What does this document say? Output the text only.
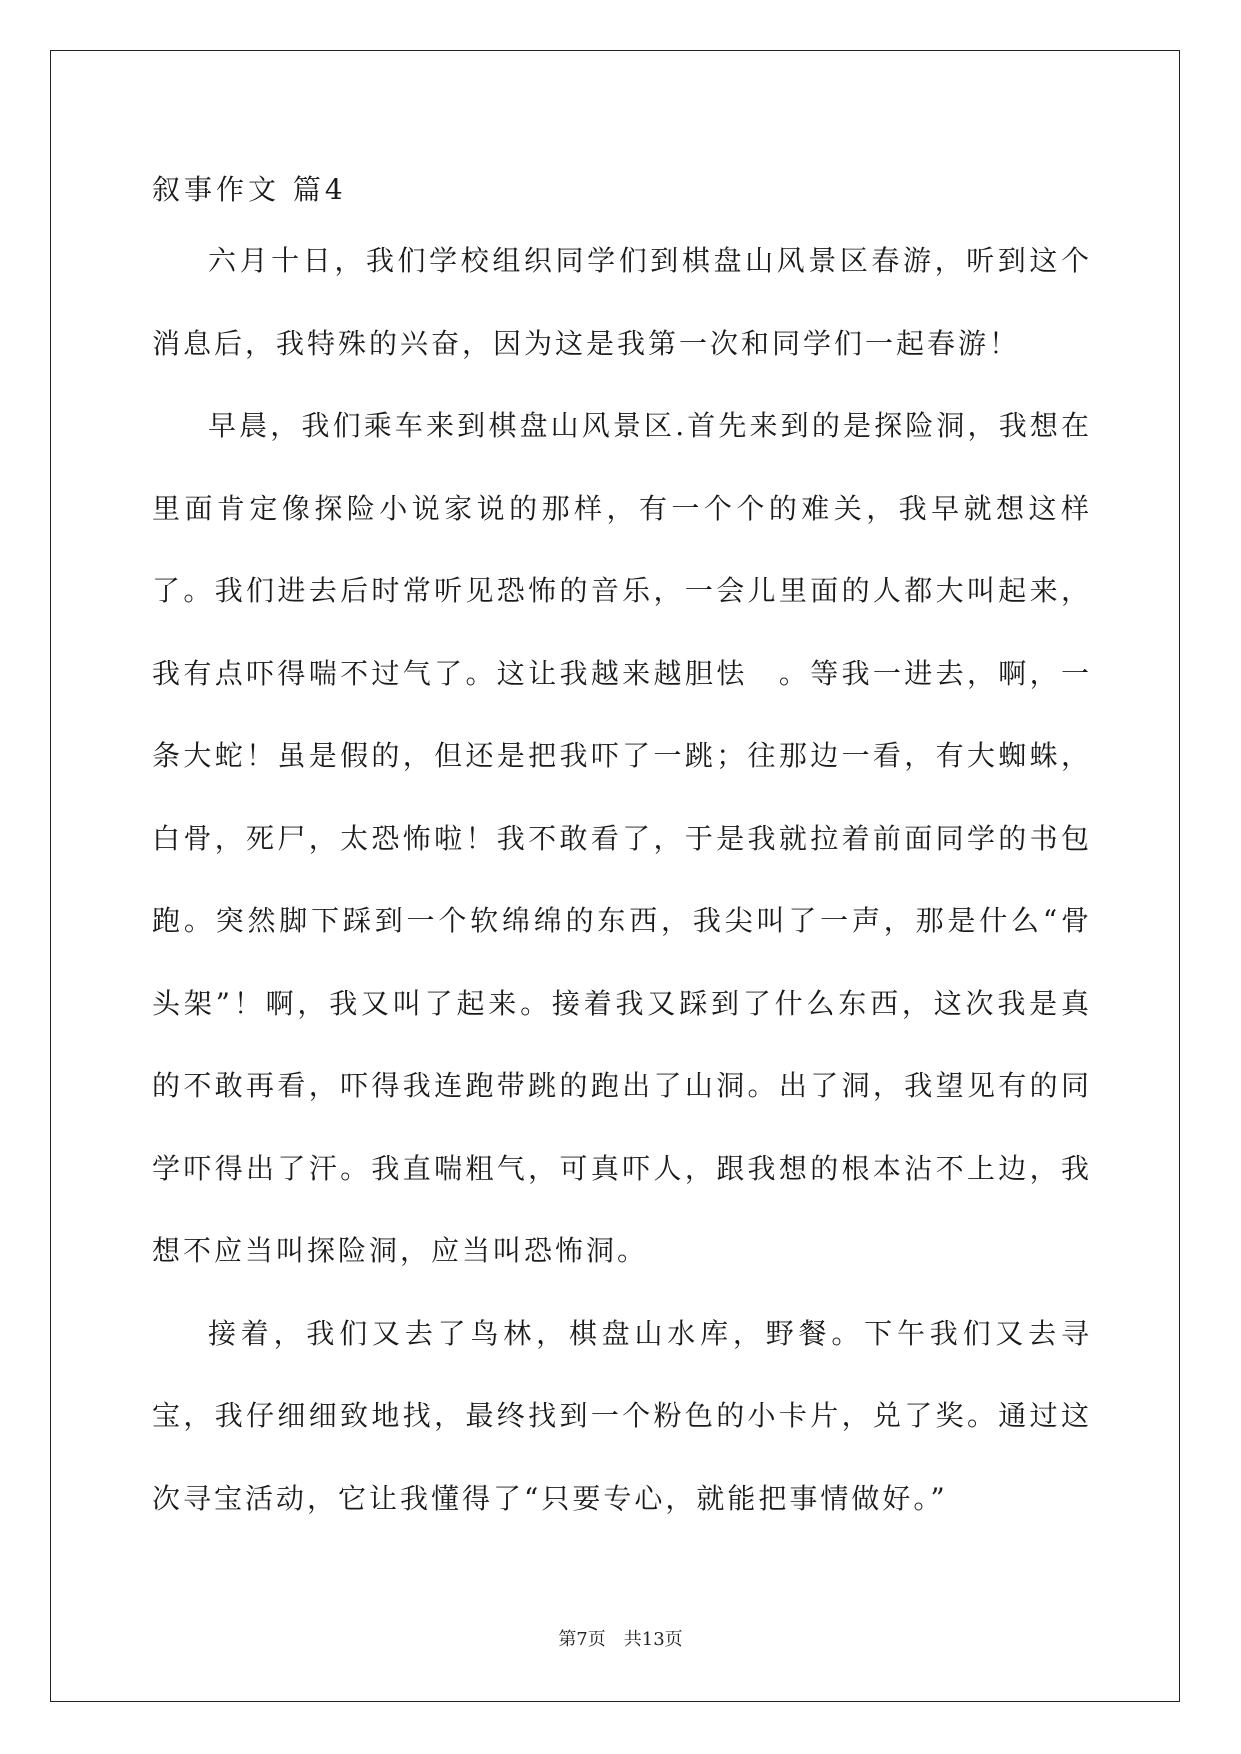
叙事作文 篇4

六月十日，我们学校组织同学们到棋盘山风景区春游，听到这个消息后，我特殊的兴奋，因为这是我第一次和同学们一起春游！

早晨，我们乘车来到棋盘山风景区.首先来到的是探险洞，我想在里面肯定像探险小说家说的那样，有一个个的难关，我早就想这样了。我们进去后时常听见恐怖的音乐，一会儿里面的人都大叫起来，我有点吓得喘不过气了。这让我越来越胆怯　。等我一进去，啊，一条大蛇！虽是假的，但还是把我吓了一跳；往那边一看，有大蜘蛛，白骨，死尸，太恐怖啦！我不敢看了，于是我就拉着前面同学的书包跑。突然脚下踩到一个软绵绵的东西，我尖叫了一声，那是什么“骨头架”！啊，我又叫了起来。接着我又踩到了什么东西，这次我是真的不敢再看，吓得我连跑带跳的跑出了山洞。出了洞，我望见有的同学吓得出了汗。我直喘粗气，可真吓人，跟我想的根本沾不上边，我想不应当叫探险洞，应当叫恐怖洞。

接着，我们又去了鸟林，棋盘山水库，野餐。下午我们又去寻宝，我仔细细致地找，最终找到一个粉色的小卡片，兑了奖。通过这次寻宝活动，它让我懂得了“只要专心，就能把事情做好。”

第7页　共13页
